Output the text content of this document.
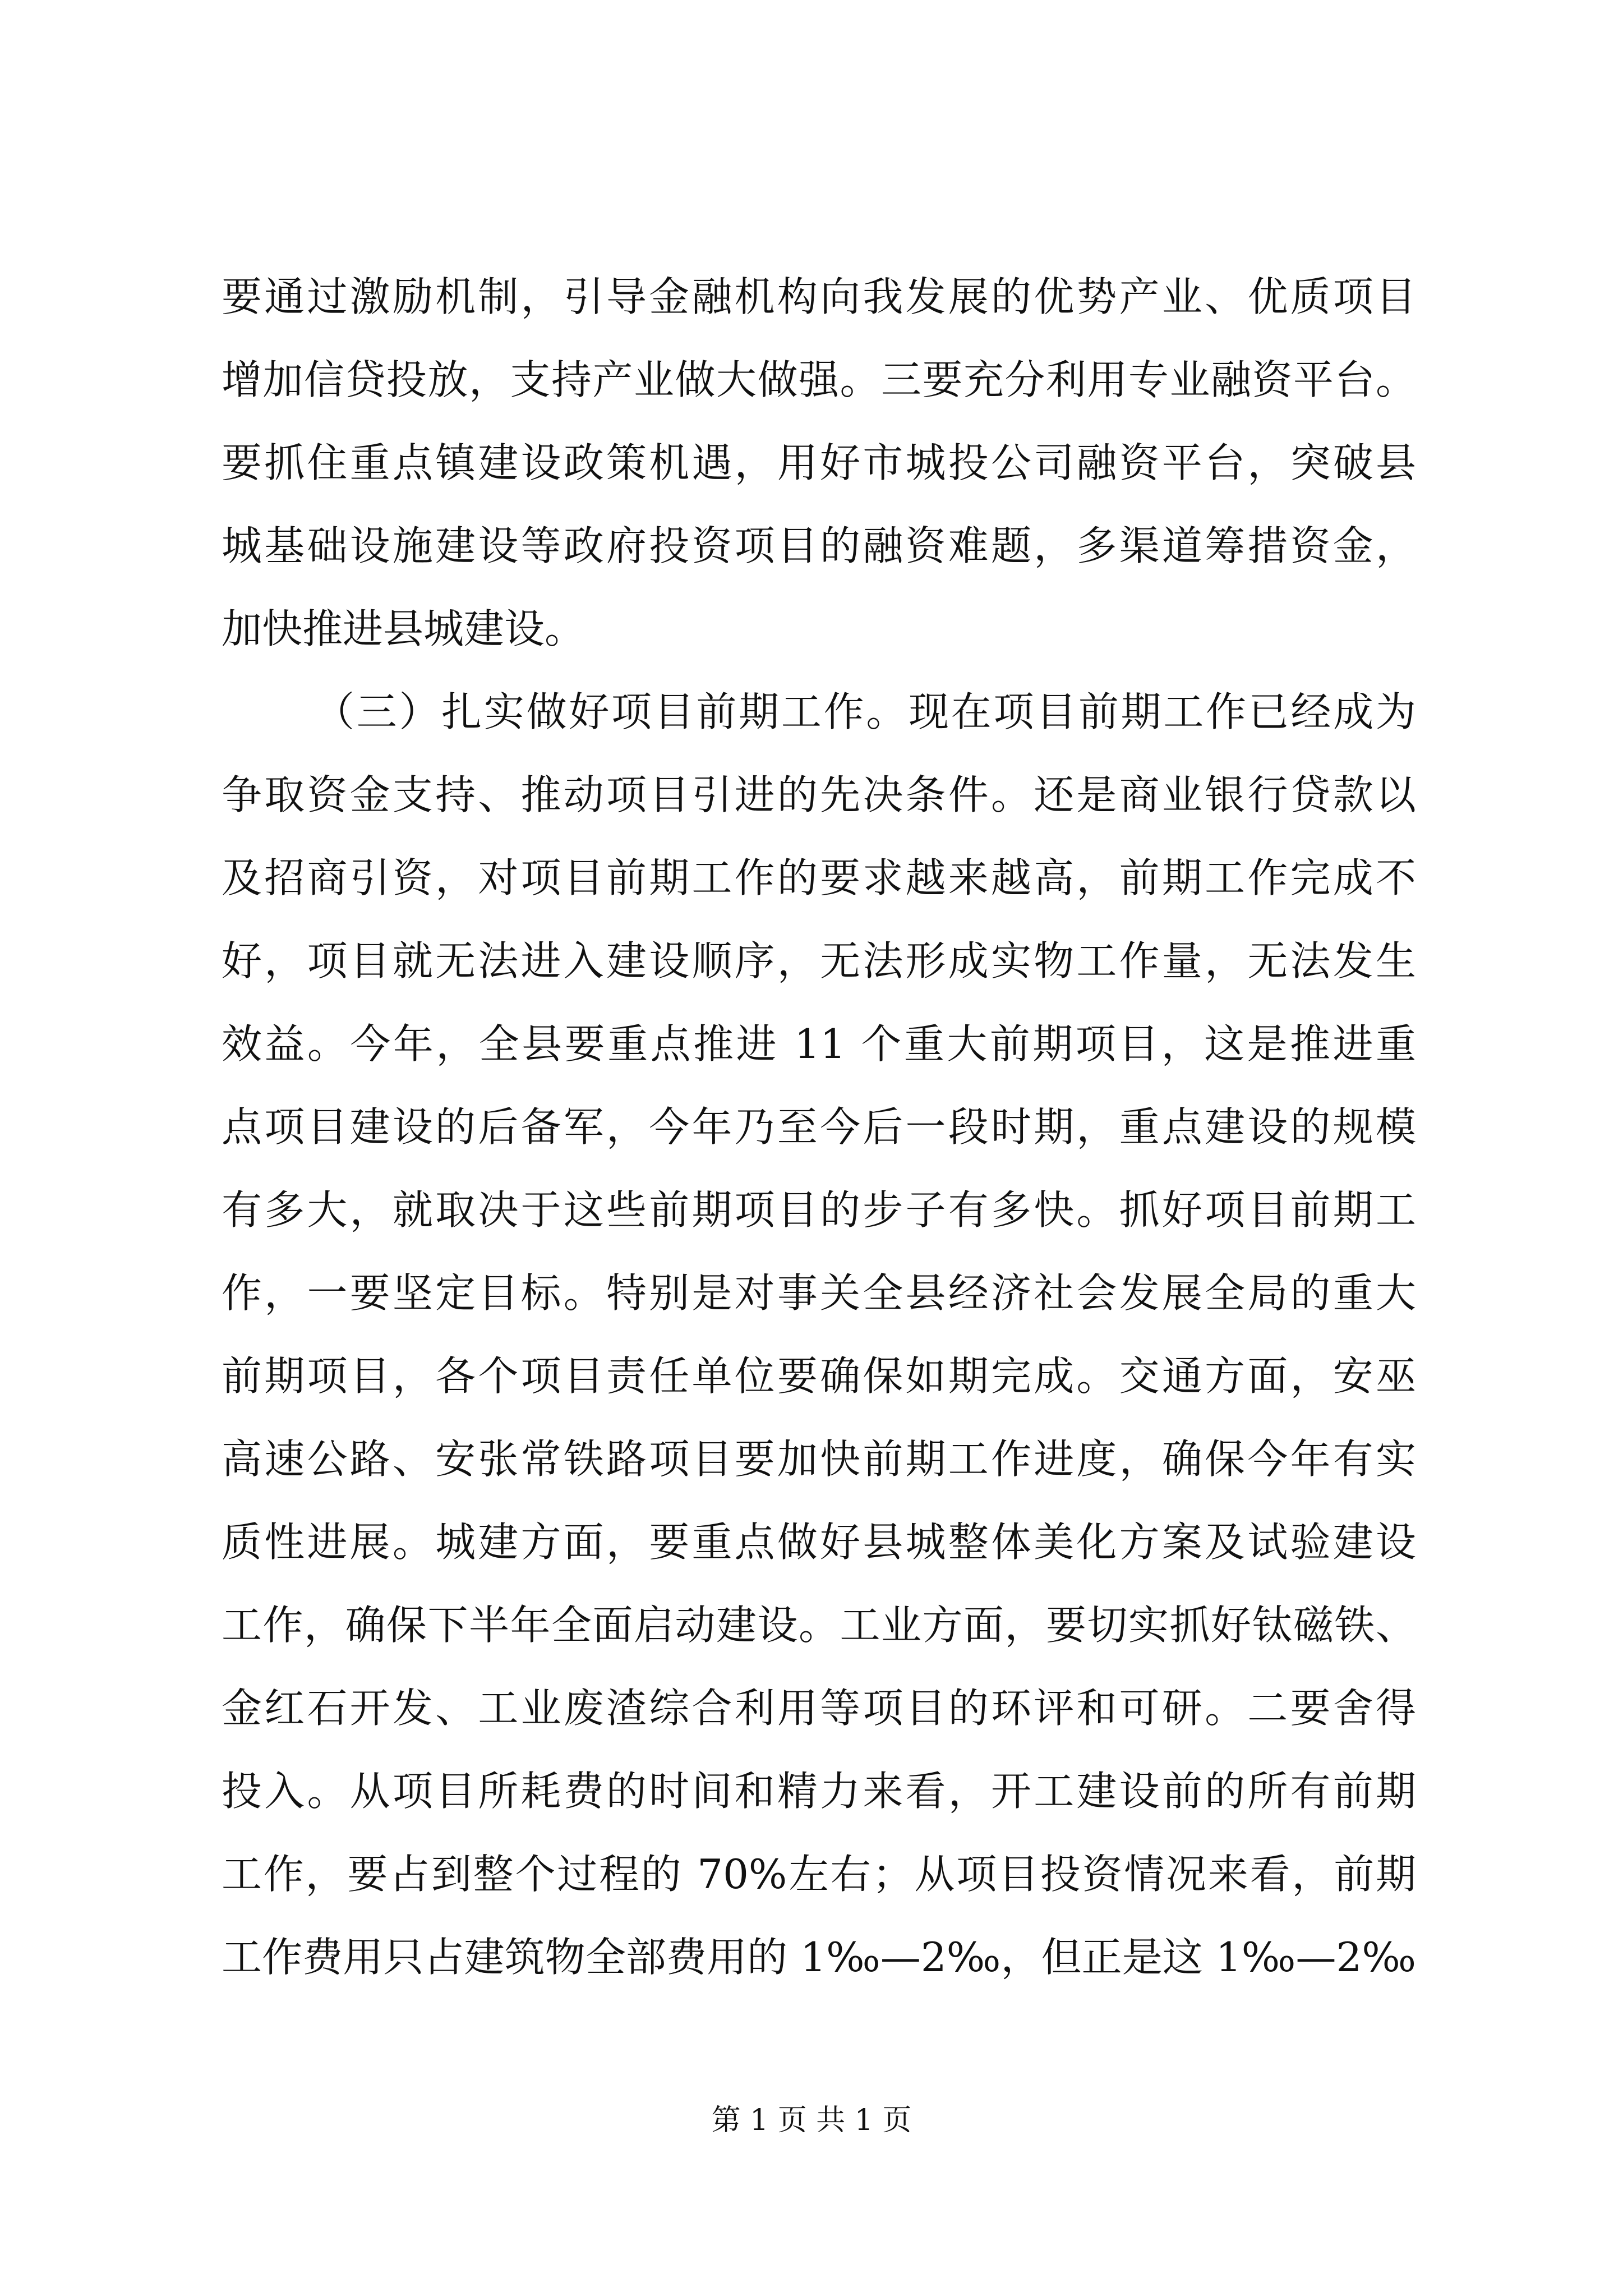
要通过激励机制，引导金融机构向我发展的优势产业、优质项目
增加信贷投放，支持产业做大做强。三要充分利用专业融资平台。
要抓住重点镇建设政策机遇，用好市城投公司融资平台，突破县
城基础设施建设等政府投资项目的融资难题，多渠道筹措资金，
加快推进县城建设。
（三）扎实做好项目前期工作。现在项目前期工作已经成为
争取资金支持、推动项目引进的先决条件。还是商业银行贷款以
及招商引资，对项目前期工作的要求越来越高，前期工作完成不
好，项目就无法进入建设顺序，无法形成实物工作量，无法发生
效益。今年，全县要重点推进 11 个重大前期项目，这是推进重
点项目建设的后备军，今年乃至今后一段时期，重点建设的规模
有多大，就取决于这些前期项目的步子有多快。抓好项目前期工
作，一要坚定目标。特别是对事关全县经济社会发展全局的重大
前期项目，各个项目责任单位要确保如期完成。交通方面，安巫
高速公路、安张常铁路项目要加快前期工作进度，确保今年有实
质性进展。城建方面，要重点做好县城整体美化方案及试验建设
工作，确保下半年全面启动建设。工业方面，要切实抓好钛磁铁、
金红石开发、工业废渣综合利用等项目的环评和可研。二要舍得
投入。从项目所耗费的时间和精力来看，开工建设前的所有前期
工作，要占到整个过程的 70%左右；从项目投资情况来看，前期
工作费用只占建筑物全部费用的 1‰—2‰，但正是这 1‰—2‰
第 1 页 共 1 页
